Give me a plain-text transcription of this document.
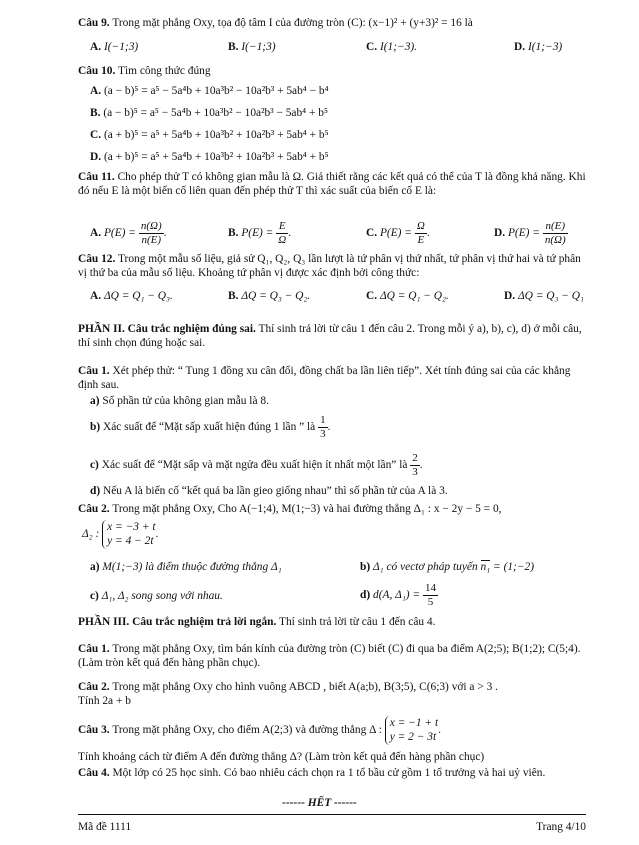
Câu 9. Trong mặt phẳng Oxy, tọa độ tâm I của đường tròn (C): (x−1)² + (y+3)² = 16 là
A. I(−1;3)	B. I(−1;3)	C. I(1;−3).	D. I(1;−3)
Câu 10. Tìm công thức đúng
A. (a − b)⁵ = a⁵ − 5a⁴b + 10a³b² − 10a²b³ + 5ab⁴ − b⁴
B. (a − b)⁵ = a⁵ − 5a⁴b + 10a³b² − 10a²b³ − 5ab⁴ + b⁵
C. (a + b)⁵ = a⁵ + 5a⁴b + 10a³b² + 10a²b³ + 5ab⁴ + b⁵
D. (a + b)⁵ = a⁵ + 5a⁴b + 10a³b² + 10a²b³ + 5ab⁴ + b⁵
Câu 11. Cho phép thử T có không gian mẫu là Ω. Giả thiết rằng các kết quả có thể của T là đồng khả năng. Khi đó nếu E là một biến cố liên quan đến phép thử T thì xác suất của biến cố E là:
A. $P(E) = \frac{n(\Omega)}{n(E)}$ .	B. $P(E) = \frac{E}{\Omega}$ .	C. $P(E) = \frac{\Omega}{E}$ .	D. $P(E) = \frac{n(E)}{n(\Omega)}$
Câu 12. Trong một mẫu số liệu, giả sử Q₁, Q₂, Q₃ lần lượt là tứ phân vị thứ nhất, tứ phân vị thứ hai và tứ phân vị thứ ba của mẫu số liệu. Khoảng tứ phân vị được xác định bởi công thức:
A. ΔQ = Q₁ − Q₃.	B. ΔQ = Q₃ − Q₂.	C. ΔQ = Q₁ − Q₂.	D. ΔQ = Q₃ − Q₁
PHẦN II. Câu trắc nghiệm đúng sai. Thí sinh trả lời từ câu 1 đến câu 2. Trong mỗi ý a), b), c), d) ở mỗi câu, thí sinh chọn đúng hoặc sai.
Câu 1. Xét phép thử: “ Tung 1 đồng xu cân đối, đồng chất ba lần liên tiếp”. Xét tính đúng sai của các khẳng định sau.
a) Số phần tử của không gian mẫu là 8.
b) Xác suất để “Mặt sấp xuất hiện đúng 1 lần ” là $\frac{1}{3}$ .
c) Xác suất để “Mặt sấp và mặt ngửa đều xuất hiện ít nhất một lần” là $\frac{2}{3}$ .
d) Nếu A là biến cố “kết quả ba lần gieo giống nhau” thì số phần tử của A là 3.
Câu 2. Trong mặt phẳng Oxy, Cho A(−1;4), M(1;−3) và hai đường thẳng Δ₁ : x − 2y − 5 = 0,
Δ₂ :
x = −3 + t
y = 4 − 2t
.
a) M(1;−3) là điểm thuộc đường thẳng Δ₁	b) Δ₁ có vectơ pháp tuyến n₁ = (1;−2)
c) Δ₁, Δ₂ song song với nhau.	d) d(A, $\Delta_1) = \frac{14}{5}$
PHẦN III. Câu trắc nghiệm trả lời ngắn. Thí sinh trả lời từ câu 1 đến câu 4.
Câu 1. Trong mặt phẳng Oxy, tìm bán kính của đường tròn (C) biết (C) đi qua ba điểm A(2;5); B(1;2); C(5;4). (Làm tròn kết quả đến hàng phần chục).
Câu 2. Trong mặt phẳng Oxy cho hình vuông ABCD , biết A(a;b), B(3;5), C(6;3) với a > 3 .
Tính 2a + b
Câu 3. Trong mặt phẳng Oxy, cho điểm A(2;3) và đường thẳng Δ :
x = −1 + t
y = 2 − 3t
.
Tính khoảng cách từ điểm A đến đường thẳng Δ? (Làm tròn kết quả đến hàng phần chục)
Câu 4. Một lớp có 25 học sinh. Có bao nhiêu cách chọn ra 1 tổ bầu cử gồm 1 tổ trưởng và hai uỷ viên.
------ HẾT ------
Mã đề 1111	Trang 4/10
